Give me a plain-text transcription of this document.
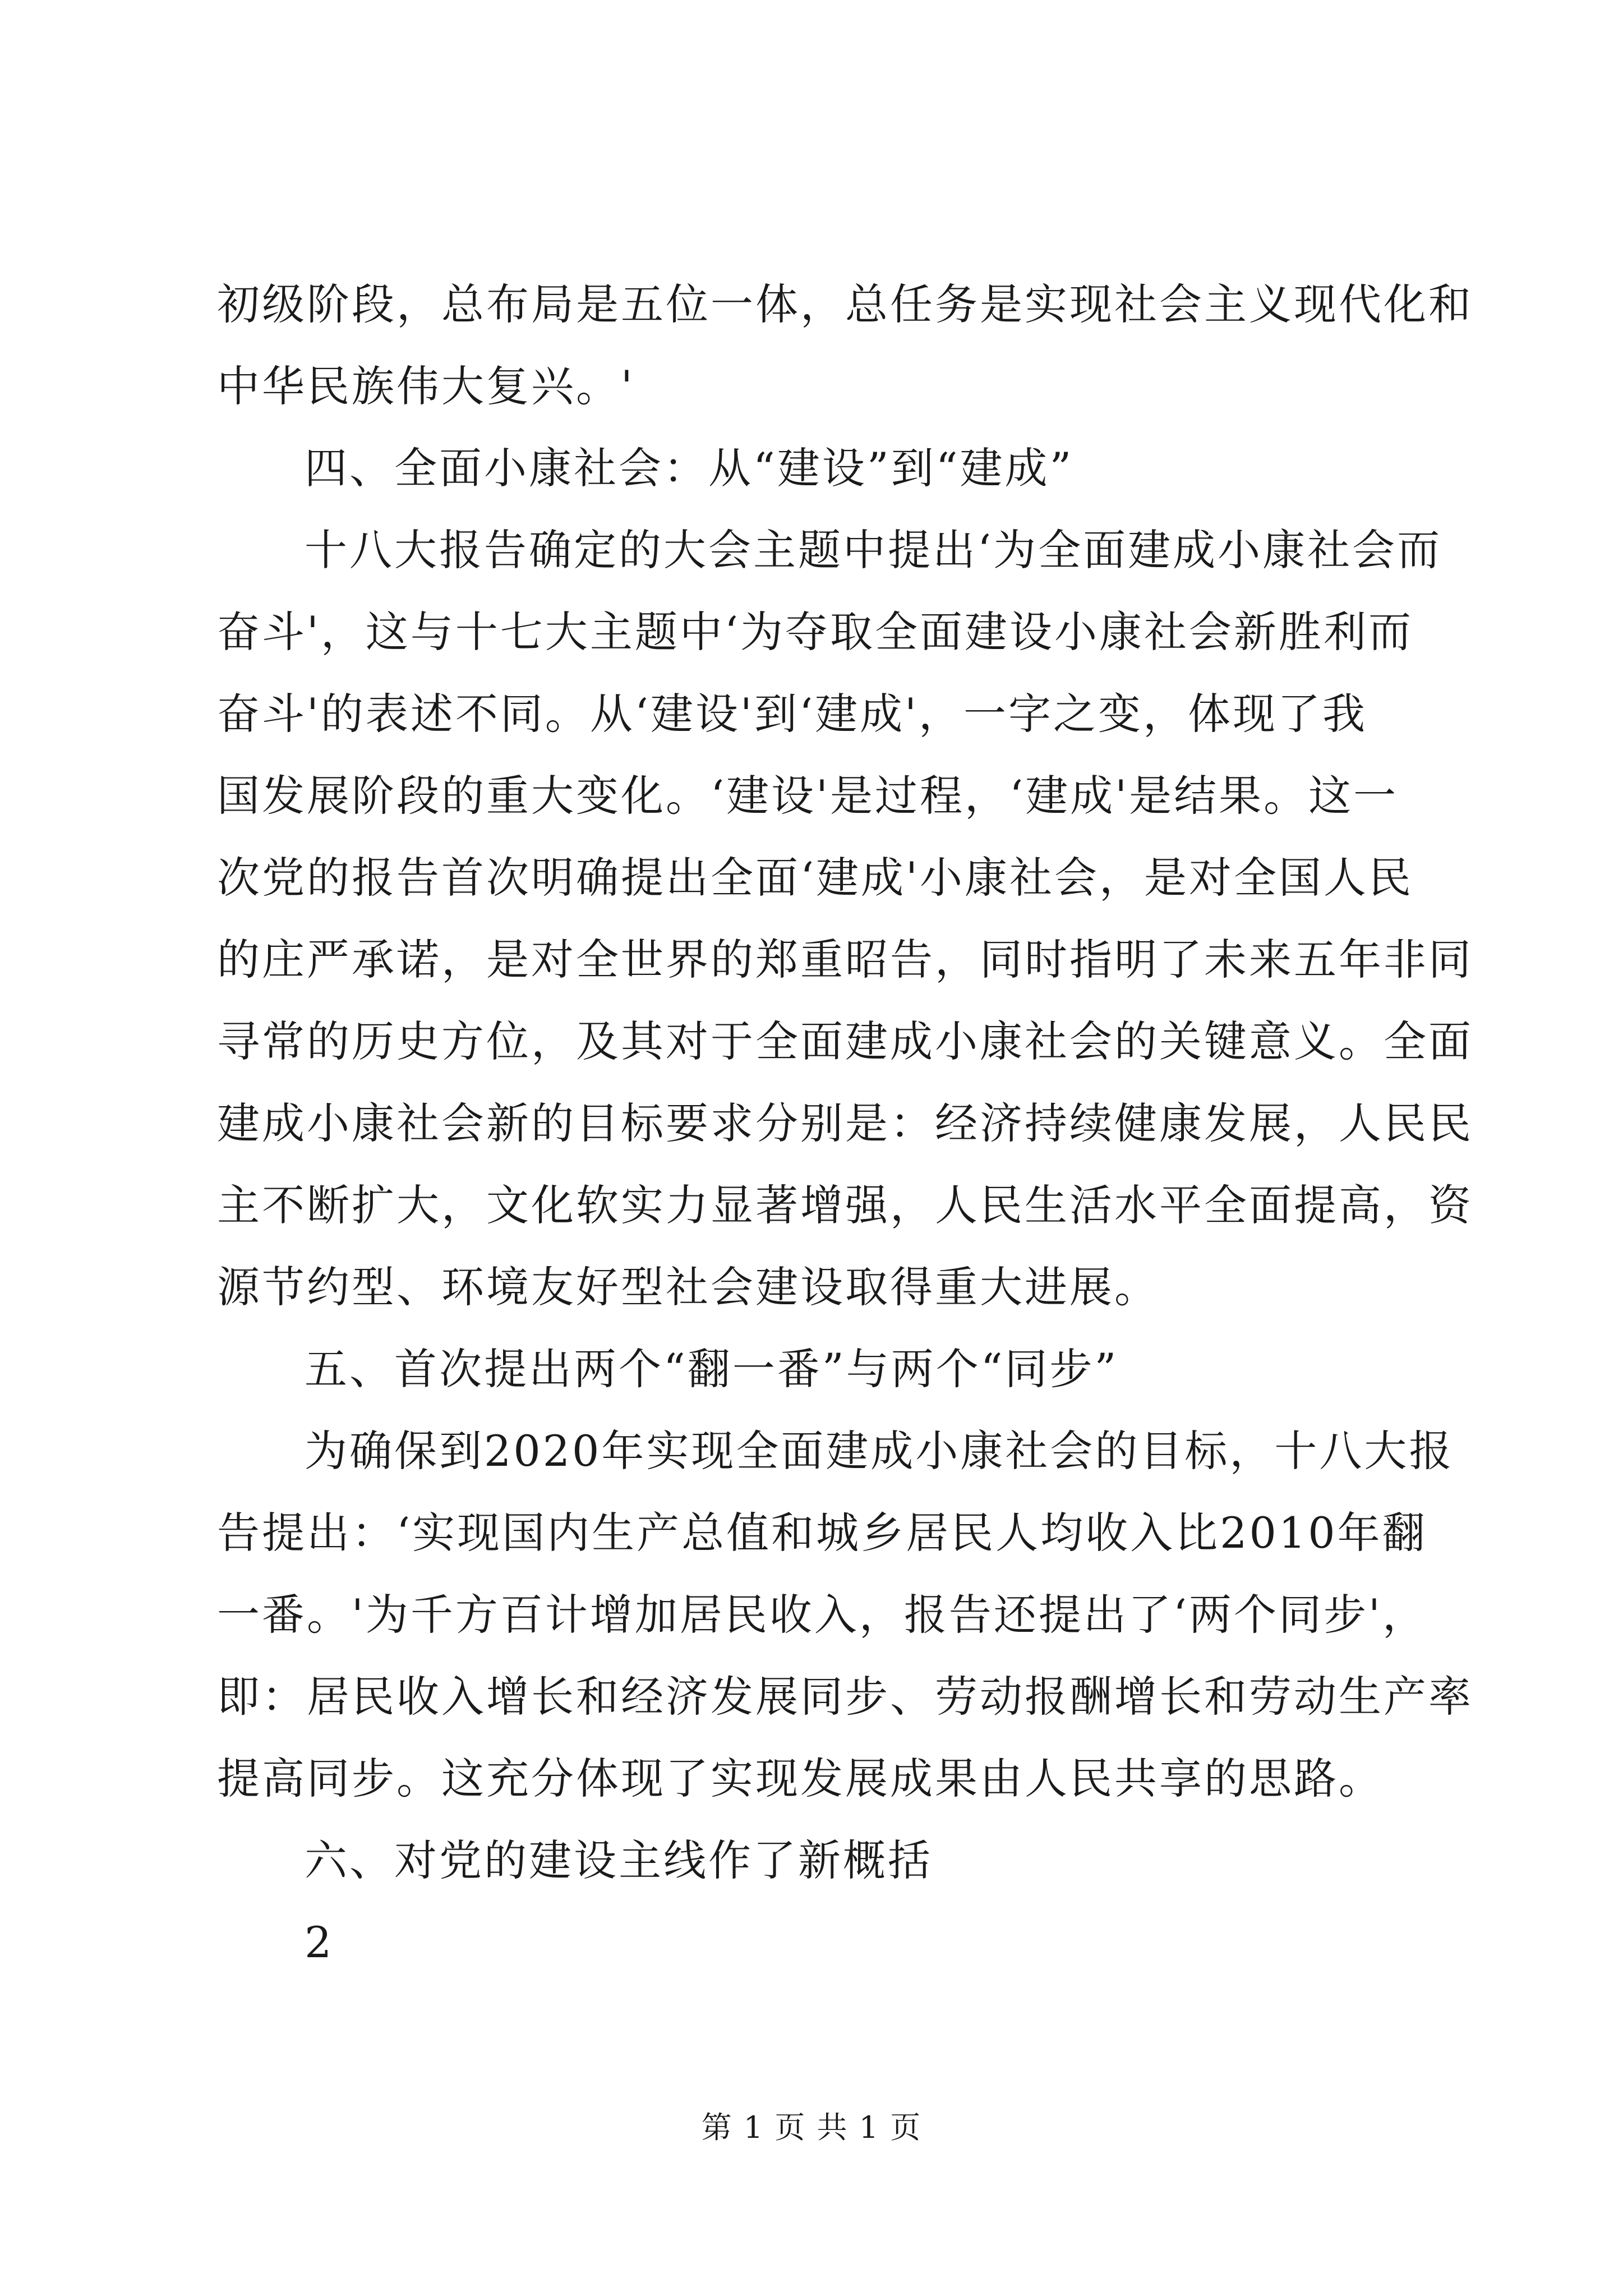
初级阶段，总布局是五位一体，总任务是实现社会主义现代化和
中华民族伟大复兴。'
四、全面小康社会：从“建设”到“建成”
十八大报告确定的大会主题中提出‘为全面建成小康社会而
奋斗'，这与十七大主题中‘为夺取全面建设小康社会新胜利而
奋斗'的表述不同。从‘建设'到‘建成'，一字之变，体现了我
国发展阶段的重大变化。‘建设'是过程，‘建成'是结果。这一
次党的报告首次明确提出全面‘建成'小康社会，是对全国人民
的庄严承诺，是对全世界的郑重昭告，同时指明了未来五年非同
寻常的历史方位，及其对于全面建成小康社会的关键意义。全面
建成小康社会新的目标要求分别是：经济持续健康发展，人民民
主不断扩大，文化软实力显著增强，人民生活水平全面提高，资
源节约型、环境友好型社会建设取得重大进展。
五、首次提出两个“翻一番”与两个“同步”
为确保到2020年实现全面建成小康社会的目标，十八大报
告提出：‘实现国内生产总值和城乡居民人均收入比2010年翻
一番。'为千方百计增加居民收入，报告还提出了‘两个同步'，
即：居民收入增长和经济发展同步、劳动报酬增长和劳动生产率
提高同步。这充分体现了实现发展成果由人民共享的思路。
六、对党的建设主线作了新概括
2
第 1 页 共 1 页
